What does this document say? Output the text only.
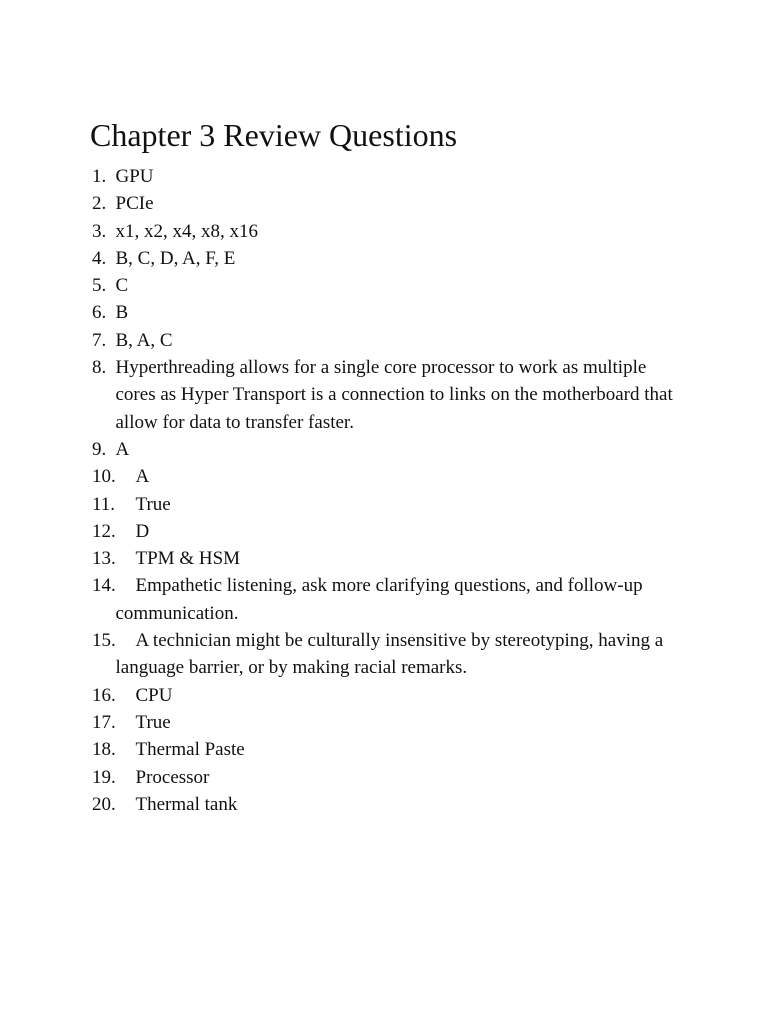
Chapter 3 Review Questions
1. GPU
2. PCIe
3. x1, x2, x4, x8, x16
4. B, C, D, A, F, E
5. C
6. B
7. B, A, C
8. Hyperthreading allows for a single core processor to work as multiple cores as Hyper Transport is a connection to links on the motherboard that allow for data to transfer faster.
9. A
10. A
11. True
12. D
13. TPM & HSM
14. Empathetic listening, ask more clarifying questions, and follow-up communication.
15. A technician might be culturally insensitive by stereotyping, having a language barrier, or by making racial remarks.
16. CPU
17. True
18. Thermal Paste
19. Processor
20. Thermal tank
